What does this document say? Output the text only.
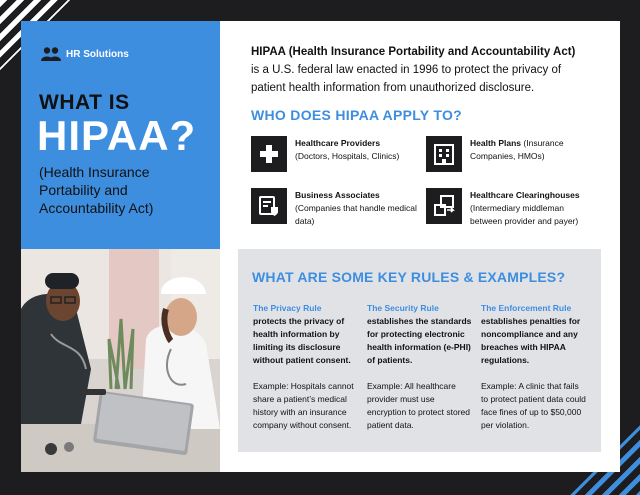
HR Solutions
WHAT IS
HIPAA?
(Health Insurance Portability and Accountability Act)
HIPAA (Health Insurance Portability and Accountability Act)
is a U.S. federal law enacted in 1996 to protect the privacy of patient health information from unauthorized disclosure.
WHO DOES HIPAA APPLY TO?
Healthcare Providers
(Doctors, Hospitals, Clinics)
Health Plans (Insurance Companies, HMOs)
Business Associates
(Companies that handle medical data)
Healthcare Clearinghouses
(Intermediary middleman between provider and payer)
WHAT ARE SOME KEY RULES & EXAMPLES?
The Privacy Rule
protects the privacy of health information by limiting its disclosure without patient consent.
Example: Hospitals cannot share a patient’s medical history with an insurance company without consent.
The Security Rule
establishes the standards for protecting electronic health information (e-PHI) of patients.
Example: All healthcare provider must use encryption to protect stored patient data.
The Enforcement Rule
establishes penalties for noncompliance and any breaches with HIPAA regulations.
Example: A clinic that fails to protect patient data could face fines of up to $50,000 per violation.
